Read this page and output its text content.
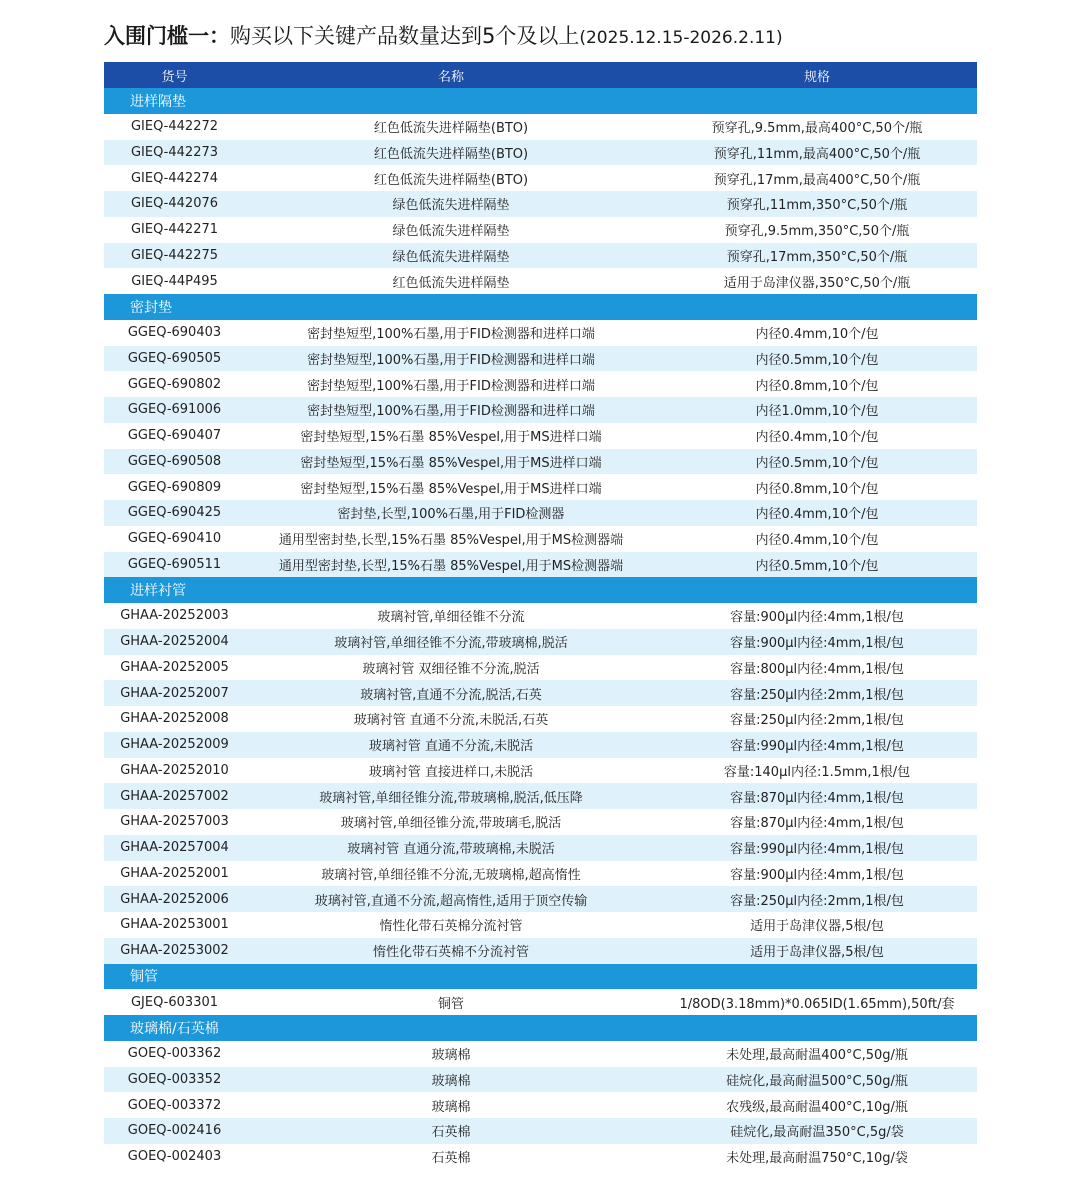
入围门槛一： 购买以下关键产品数量达到5个及以上 (2025.12.15-2026.2.11)
货号	名称	规格
进样隔垫		
GIEQ-442272	红色低流失进样隔垫(BTO)	预穿孔,9.5mm,最高400°C,50个/瓶
GIEQ-442273	红色低流失进样隔垫(BTO)	预穿孔,11mm,最高400°C,50个/瓶
GIEQ-442274	红色低流失进样隔垫(BTO)	预穿孔,17mm,最高400°C,50个/瓶
GIEQ-442076	绿色低流失进样隔垫	预穿孔,11mm,350°C,50个/瓶
GIEQ-442271	绿色低流失进样隔垫	预穿孔,9.5mm,350°C,50个/瓶
GIEQ-442275	绿色低流失进样隔垫	预穿孔,17mm,350°C,50个/瓶
GIEQ-44P495	红色低流失进样隔垫	适用于岛津仪器,350°C,50个/瓶
密封垫		
GGEQ-690403	密封垫短型,100%石墨,用于FID检测器和进样口端	内径0.4mm,10个/包
GGEQ-690505	密封垫短型,100%石墨,用于FID检测器和进样口端	内径0.5mm,10个/包
GGEQ-690802	密封垫短型,100%石墨,用于FID检测器和进样口端	内径0.8mm,10个/包
GGEQ-691006	密封垫短型,100%石墨,用于FID检测器和进样口端	内径1.0mm,10个/包
GGEQ-690407	密封垫短型,15%石墨 85%Vespel,用于MS进样口端	内径0.4mm,10个/包
GGEQ-690508	密封垫短型,15%石墨 85%Vespel,用于MS进样口端	内径0.5mm,10个/包
GGEQ-690809	密封垫短型,15%石墨 85%Vespel,用于MS进样口端	内径0.8mm,10个/包
GGEQ-690425	密封垫,长型,100%石墨,用于FID检测器	内径0.4mm,10个/包
GGEQ-690410	通用型密封垫,长型,15%石墨 85%Vespel,用于MS检测器端	内径0.4mm,10个/包
GGEQ-690511	通用型密封垫,长型,15%石墨 85%Vespel,用于MS检测器端	内径0.5mm,10个/包
进样衬管		
GHAA-20252003	玻璃衬管,单细径锥不分流	容量:900μl内径:4mm,1根/包
GHAA-20252004	玻璃衬管,单细径锥不分流,带玻璃棉,脱活	容量:900μl内径:4mm,1根/包
GHAA-20252005	玻璃衬管 双细径锥不分流,脱活	容量:800μl内径:4mm,1根/包
GHAA-20252007	玻璃衬管,直通不分流,脱活,石英	容量:250μl内径:2mm,1根/包
GHAA-20252008	玻璃衬管 直通不分流,未脱活,石英	容量:250μl内径:2mm,1根/包
GHAA-20252009	玻璃衬管 直通不分流,未脱活	容量:990μl内径:4mm,1根/包
GHAA-20252010	玻璃衬管 直接进样口,未脱活	容量:140μl内径:1.5mm,1根/包
GHAA-20257002	玻璃衬管,单细径锥分流,带玻璃棉,脱活,低压降	容量:870μl内径:4mm,1根/包
GHAA-20257003	玻璃衬管,单细径锥分流,带玻璃毛,脱活	容量:870μl内径:4mm,1根/包
GHAA-20257004	玻璃衬管 直通分流,带玻璃棉,未脱活	容量:990μl内径:4mm,1根/包
GHAA-20252001	玻璃衬管,单细径锥不分流,无玻璃棉,超高惰性	容量:900μl内径:4mm,1根/包
GHAA-20252006	玻璃衬管,直通不分流,超高惰性,适用于顶空传输	容量:250μl内径:2mm,1根/包
GHAA-20253001	惰性化带石英棉分流衬管	适用于岛津仪器,5根/包
GHAA-20253002	惰性化带石英棉不分流衬管	适用于岛津仪器,5根/包
铜管		
GJEQ-603301	铜管	1/8OD(3.18mm)*0.065ID(1.65mm),50ft/套
玻璃棉/石英棉		
GOEQ-003362	玻璃棉	未处理,最高耐温400°C,50g/瓶
GOEQ-003352	玻璃棉	硅烷化,最高耐温500°C,50g/瓶
GOEQ-003372	玻璃棉	农残级,最高耐温400°C,10g/瓶
GOEQ-002416	石英棉	硅烷化,最高耐温350°C,5g/袋
GOEQ-002403	石英棉	未处理,最高耐温750°C,10g/袋
